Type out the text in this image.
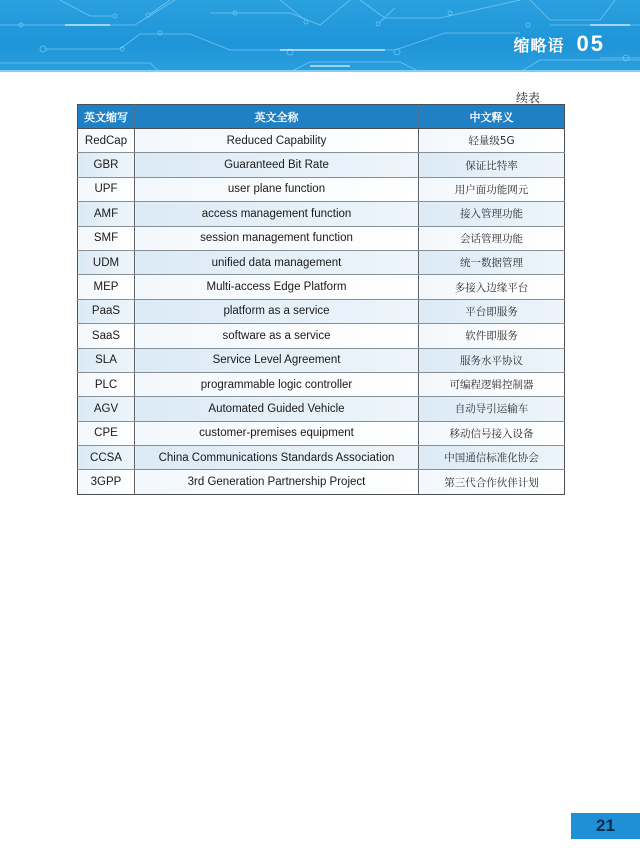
缩略语 05
续表
英文缩写	英文全称	中文释义
RedCap	Reduced Capability	轻量级5G
GBR	Guaranteed Bit Rate	保证比特率
UPF	user plane function	用户面功能网元
AMF	access management function	接入管理功能
SMF	session management function	会话管理功能
UDM	unified data management	统一数据管理
MEP	Multi-access Edge Platform	多接入边缘平台
PaaS	platform as a service	平台即服务
SaaS	software as a service	软件即服务
SLA	Service Level Agreement	服务水平协议
PLC	programmable logic controller	可编程逻辑控制器
AGV	Automated Guided Vehicle	自动导引运输车
CPE	customer-premises equipment	移动信号接入设备
CCSA	China Communications Standards Association	中国通信标准化协会
3GPP	3rd Generation Partnership Project	第三代合作伙伴计划
21
